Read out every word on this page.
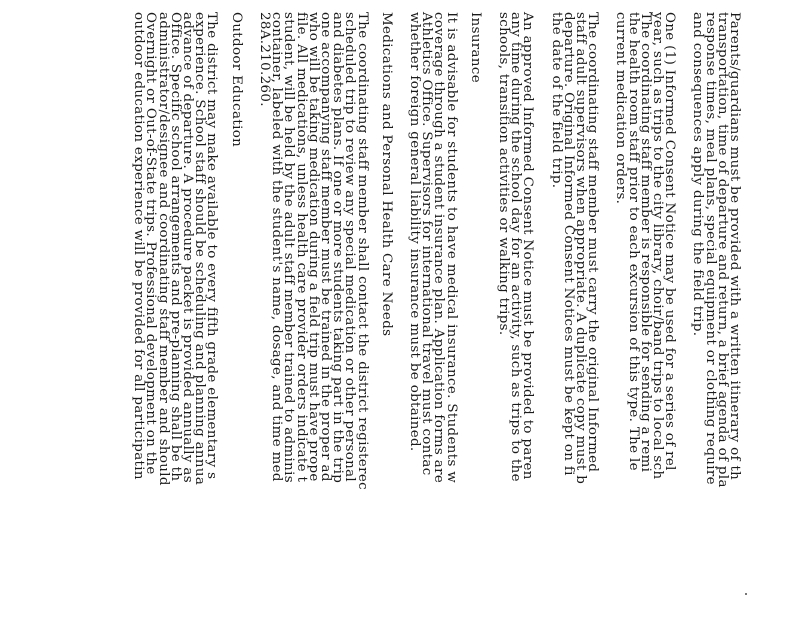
Parents/guardians must be provided with a written itinerary of th
transportation, time of departure and return, a brief agenda of pla
response times, meal plans, special equipment or clothing require
and consequences apply during the field trip.

One (1) Informed Consent Notice may be used for a series of rel
year, such as trips to the city library, choir/band trips to local sch
The coordinating staff member is responsible for sending a remi
the health room staff prior to each excursion of this type. The le
current medication orders.

The coordinating staff member must carry the original Informed
staff adult supervisors when appropriate. A duplicate copy must b
departure. Original Informed Consent Notices must be kept on fi
the date of the field trip.

An approved Informed Consent Notice must be provided to paren
any time during the school day for an activity, such as trips to the
schools, transition activities or walking trips.

Insurance

It is advisable for students to have medical insurance. Students w
coverage through a student insurance plan. Application forms are
Athletics Office. Supervisors for international travel must contac
whether foreign general liability insurance must be obtained.

Medications and Personal Health Care Needs

The coordinating staff member shall contact the district registerec
scheduled trip to review any special medication or other personal
and diabetes plans. If one or more students taking part in the trip
one accompanying staff member must be trained in the proper ad
who will be taking medication during a field trip must have prope
file. All medications, unless health care provider orders indicate t
student, will be held by the adult staff member trained to adminis
container, labeled with the student's name, dosage, and time med
28A.210.260.

Outdoor Education

The district may make available to every fifth grade elementary s
experience. School staff should be scheduling and planning annua
advance of departure. A procedure packet is provided annually as
Office. Specific school arrangements and pre-planning shall be th
administrator/designee and coordinating staff member and should
Overnight or Out-of-State trips. Professional development on the
outdoor education experience will be provided for all participatin
